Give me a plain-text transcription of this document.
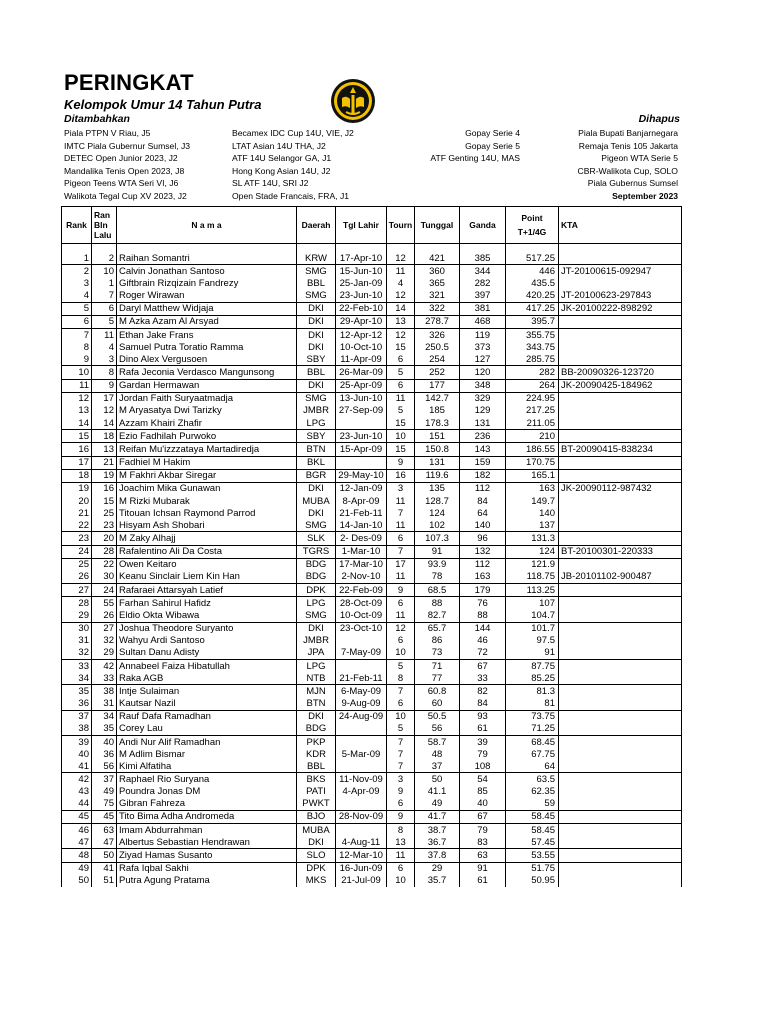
PERINGKAT
Kelompok Umur 14 Tahun Putra
Ditambahkan	Dihapus
Piala PTPN V Riau, J5
IMTC Piala Gubernur Sumsel, J3
DETEC Open Junior 2023, J2
Mandalika Tenis Open 2023, J8
Pigeon Teens WTA Seri VI, J6
Walikota Tegal Cup XV 2023, J2
Becamex IDC Cup 14U, VIE, J2
LTAT Asian 14U THA, J2
ATF 14U Selangor GA, J1
Hong Kong Asian 14U, J2
SL ATF 14U, SRI J2
Open Stade Francais, FRA, J1
Gopay Serie 4
Gopay Serie 5
ATF Genting 14U, MAS
Piala Bupati Banjarnegara
Remaja Tenis 105 Jakarta
Pigeon WTA Serie 5
CBR-Walikota Cup, SOLO
Piala Gubernus Sumsel
September 2023
Rank	Ran
Bln
Lalu	N a m a	Daerah	Tgl Lahir	Tourn	Tunggal	Ganda	Point
T+1/4G	KTA

1	2	Raihan Somantri	KRW	17-Apr-10	12	421	385	517.25	
2	10	Calvin Jonathan Santoso	SMG	15-Jun-10	11	360	344	446	JT-20100615-092947
3	1	Giftbrain Rizqizain Fandrezy	BBL	25-Jan-09	4	365	282	435.5	
4	7	Roger Wirawan	SMG	23-Jun-10	12	321	397	420.25	JT-20100623-297843
5	6	Daryl Matthew Widjaja	DKI	22-Feb-10	14	322	381	417.25	JK-20100222-898292
6	5	M Azka Azam Al Arsyad	DKI	29-Apr-10	13	278.7	468	395.7	
7	11	Ethan Jake Frans	DKI	12-Apr-12	12	326	119	355.75	
8	4	Samuel Putra Toratio Ramma	DKI	10-Oct-10	15	250.5	373	343.75	
9	3	Dino Alex Vergusoen	SBY	11-Apr-09	6	254	127	285.75	
10	8	Rafa Jeconia Verdasco Mangunsong	BBL	26-Mar-09	5	252	120	282	BB-20090326-123720
11	9	Gardan Hermawan	DKI	25-Apr-09	6	177	348	264	JK-20090425-184962
12	17	Jordan Faith Suryaatmadja	SMG	13-Jun-10	11	142.7	329	224.95	
13	12	M Aryasatya Dwi Tarizky	JMBR	27-Sep-09	5	185	129	217.25	
14	14	Azzam Khairi Zhafir	LPG		15	178.3	131	211.05	
15	18	Ezio Fadhilah Purwoko	SBY	23-Jun-10	10	151	236	210	
16	13	Reifan Mu'izzzataya Martadiredja	BTN	15-Apr-09	15	150.8	143	186.55	BT-20090415-838234
17	21	Fadhiel M Hakim	BKL		9	131	159	170.75	
18	19	M Fakhri Akbar Siregar	BGR	29-May-10	16	119.6	182	165.1	
19	16	Joachim Mika Gunawan	DKI	12-Jan-09	3	135	112	163	JK-20090112-987432
20	15	M Rizki Mubarak	MUBA	8-Apr-09	11	128.7	84	149.7	
21	25	Titouan Ichsan Raymond Parrod	DKI	21-Feb-11	7	124	64	140	
22	23	Hisyam Ash Shobari	SMG	14-Jan-10	11	102	140	137	
23	20	M Zaky Alhajj	SLK	2- Des-09	6	107.3	96	131.3	
24	28	Rafalentino Ali Da Costa	TGRS	1-Mar-10	7	91	132	124	BT-20100301-220333
25	22	Owen Keitaro	BDG	17-Mar-10	17	93.9	112	121.9	
26	30	Keanu Sinclair Liem Kin Han	BDG	2-Nov-10	11	78	163	118.75	JB-20101102-900487
27	24	Rafaraei Attarsyah Latief	DPK	22-Feb-09	9	68.5	179	113.25	
28	55	Farhan Sahirul Hafidz	LPG	28-Oct-09	6	88	76	107	
29	26	Eldio Okta Wibawa	SMG	10-Oct-09	11	82.7	88	104.7	
30	27	Joshua Theodore Suryanto	DKI	23-Oct-10	12	65.7	144	101.7	
31	32	Wahyu Ardi Santoso	JMBR		6	86	46	97.5	
32	29	Sultan Danu Adisty	JPA	7-May-09	10	73	72	91	
33	42	Annabeel Faiza Hibatullah	LPG		5	71	67	87.75	
34	33	Raka AGB	NTB	21-Feb-11	8	77	33	85.25	
35	38	Intje Sulaiman	MJN	6-May-09	7	60.8	82	81.3	
36	31	Kautsar Nazil	BTN	9-Aug-09	6	60	84	81	
37	34	Rauf Dafa Ramadhan	DKI	24-Aug-09	10	50.5	93	73.75	
38	35	Corey Lau	BDG		5	56	61	71.25	
39	40	Andi Nur Alif Ramadhan	PKP		7	58.7	39	68.45	
40	36	M Adlim Bismar	KDR	5-Mar-09	7	48	79	67.75	
41	56	Kimi Alfatiha	BBL		7	37	108	64	
42	37	Raphael Rio Suryana	BKS	11-Nov-09	3	50	54	63.5	
43	49	Poundra Jonas DM	PATI	4-Apr-09	9	41.1	85	62.35	
44	75	Gibran Fahreza	PWKT		6	49	40	59	
45	45	Tito Bima Adha Andromeda	BJO	28-Nov-09	9	41.7	67	58.45	
46	63	Imam Abdurrahman	MUBA		8	38.7	79	58.45	
47	47	Albertus Sebastian Hendrawan	DKI	4-Aug-11	13	36.7	83	57.45	
48	50	Ziyad Hamas Susanto	SLO	12-Mar-10	11	37.8	63	53.55	
49	41	Rafa Iqbal Sakhi	DPK	16-Jun-09	6	29	91	51.75	
50	51	Putra Agung Pratama	MKS	21-Jul-09	10	35.7	61	50.95	
